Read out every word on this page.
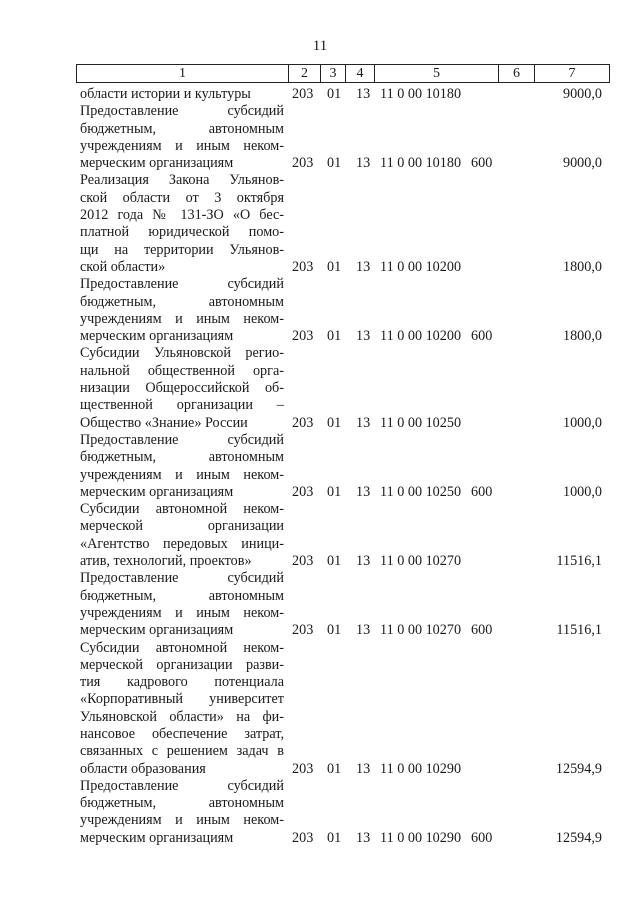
11
1	2	3	4	5	6	7
области истории и культуры	203 01 13 11 0 00 10180	9000,0
Предоставление субсидий
бюджетным, автономным
учреждениям и иным неком-
мерческим организациям	203 01 13 11 0 00 10180 600	9000,0
Реализация Закона Ульянов-
ской области от 3 октября
2012 года № 131-ЗО «О бес-
платной юридической помо-
щи на территории Ульянов-
ской области»	203 01 13 11 0 00 10200	1800,0
Предоставление субсидий
бюджетным, автономным
учреждениям и иным неком-
мерческим организациям	203 01 13 11 0 00 10200 600	1800,0
Субсидии Ульяновской регио-
нальной общественной орга-
низации Общероссийской об-
щественной организации –
Общество «Знание» России	203 01 13 11 0 00 10250	1000,0
Предоставление субсидий
бюджетным, автономным
учреждениям и иным неком-
мерческим организациям	203 01 13 11 0 00 10250 600	1000,0
Субсидии автономной неком-
мерческой организации
«Агентство передовых иници-
атив, технологий, проектов»	203 01 13 11 0 00 10270	11516,1
Предоставление субсидий
бюджетным, автономным
учреждениям и иным неком-
мерческим организациям	203 01 13 11 0 00 10270 600	11516,1
Субсидии автономной неком-
мерческой организации разви-
тия кадрового потенциала
«Корпоративный университет
Ульяновской области» на фи-
нансовое обеспечение затрат,
связанных с решением задач в
области образования	203 01 13 11 0 00 10290	12594,9
Предоставление субсидий
бюджетным, автономным
учреждениям и иным неком-
мерческим организациям	203 01 13 11 0 00 10290 600	12594,9
